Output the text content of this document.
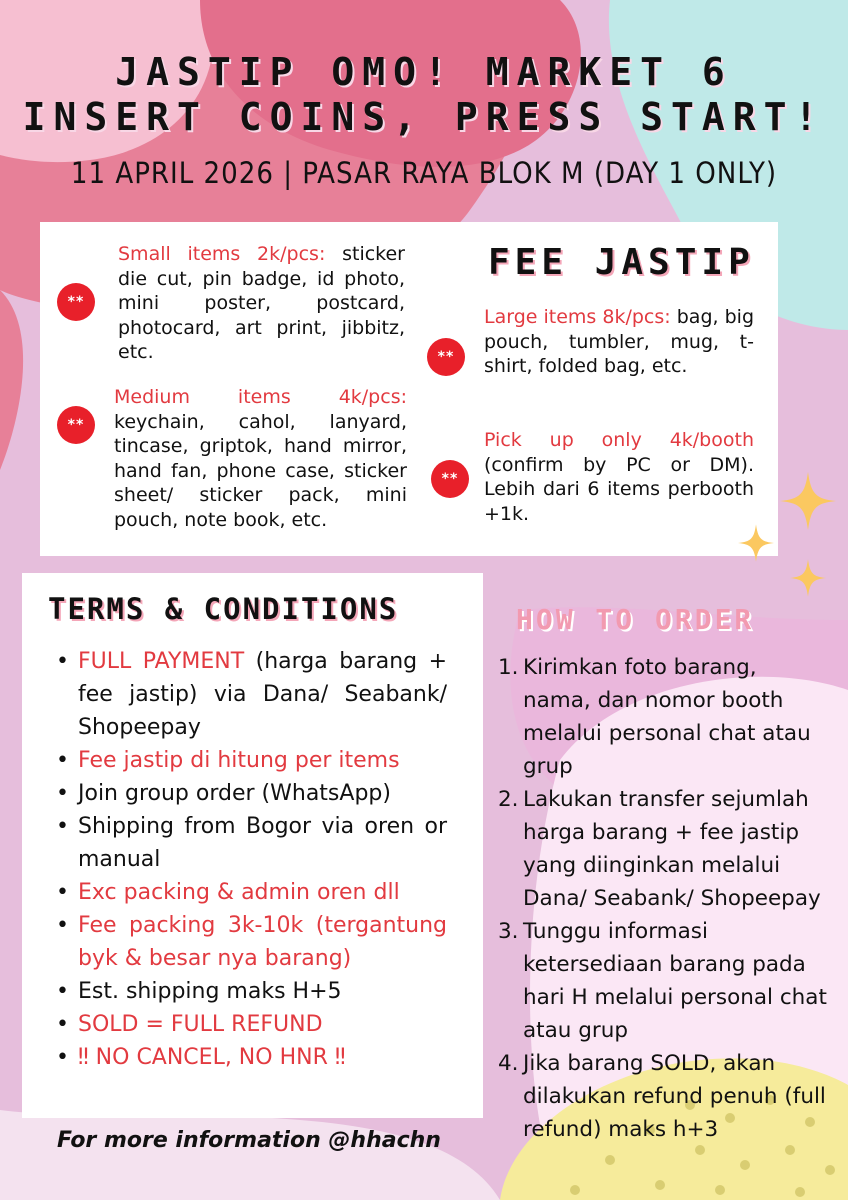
JASTIP OMO! MARKET 6
INSERT COINS, PRESS START!
11 APRIL 2026 | PASAR RAYA BLOK M (DAY 1 ONLY)
**
Small items 2k/pcs: sticker die cut, pin badge, id photo, mini poster, postcard, photocard, art print, jibbitz, etc.
**
Medium items 4k/pcs: keychain, cahol, lanyard, tincase, griptok, hand mirror, hand fan, phone case, sticker sheet/ sticker pack, mini pouch, note book, etc.
FEE JASTIP
**
Large items 8k/pcs: bag, big pouch, tumbler, mug, t-shirt, folded bag, etc.
**
Pick up only 4k/booth (confirm by PC or DM). Lebih dari 6 items perbooth +1k.
TERMS & CONDITIONS
• FULL PAYMENT (harga barang + fee jastip) via Dana/ Seabank/ Shopeepay
• Fee jastip di hitung per items
• Join group order (WhatsApp)
• Shipping from Bogor via oren or manual
• Exc packing & admin oren dll
• Fee packing 3k-10k (tergantung byk & besar nya barang)
• Est. shipping maks H+5
• SOLD = FULL REFUND
• ‼ NO CANCEL, NO HNR ‼
For more information @hhachn
HOW TO ORDER
1. Kirimkan foto barang, nama, dan nomor booth melalui personal chat atau grup
2. Lakukan transfer sejumlah harga barang + fee jastip yang diinginkan melalui Dana/ Seabank/ Shopeepay
3. Tunggu informasi ketersediaan barang pada hari H melalui personal chat atau grup
4. Jika barang SOLD, akan dilakukan refund penuh (full refund) maks h+3
